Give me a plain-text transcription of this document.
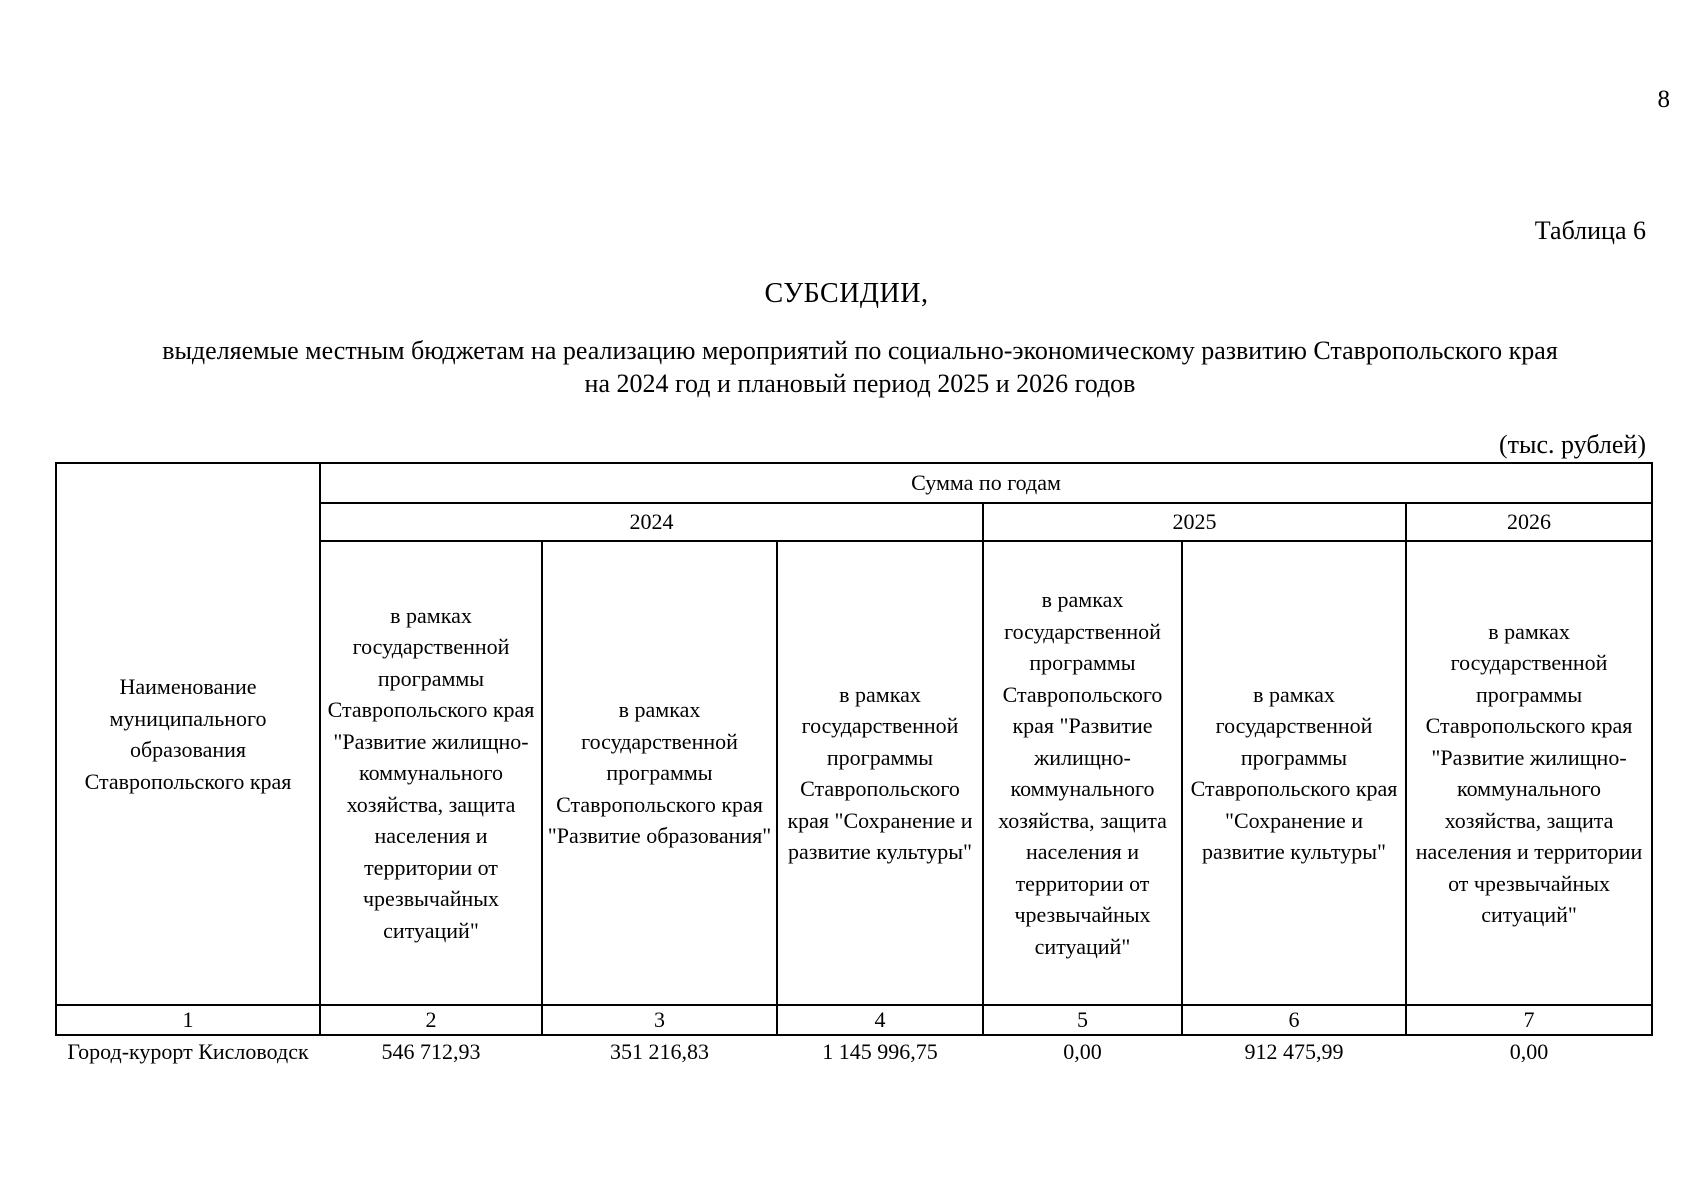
8
Таблица 6
СУБСИДИИ,
выделяемые местным бюджетам на реализацию мероприятий по социально-экономическому развитию Ставропольского края
на 2024 год и плановый период 2025 и 2026 годов
(тыс. рублей)
Наименование муниципального образования Ставропольского края	Сумма по годам					
	2024			2025		2026
	в рамках государственной программы Ставропольского края "Развитие жилищно-коммунального хозяйства, защита населения и территории от чрезвычайных ситуаций"	в рамках государственной программы Ставропольского края "Развитие образования"	в рамках государственной программы Ставропольского края "Сохранение и развитие культуры"	в рамках государственной программы Ставропольского края "Развитие жилищно-коммунального хозяйства, защита населения и территории от чрезвычайных ситуаций"	в рамках государственной программы Ставропольского края "Сохранение и развитие культуры"	в рамках государственной программы Ставропольского края "Развитие жилищно-коммунального хозяйства, защита населения и территории от чрезвычайных ситуаций"
1	2	3	4	5	6	7
Город-курорт Кисловодск	546 712,93	351 216,83	1 145 996,75	0,00	912 475,99	0,00
